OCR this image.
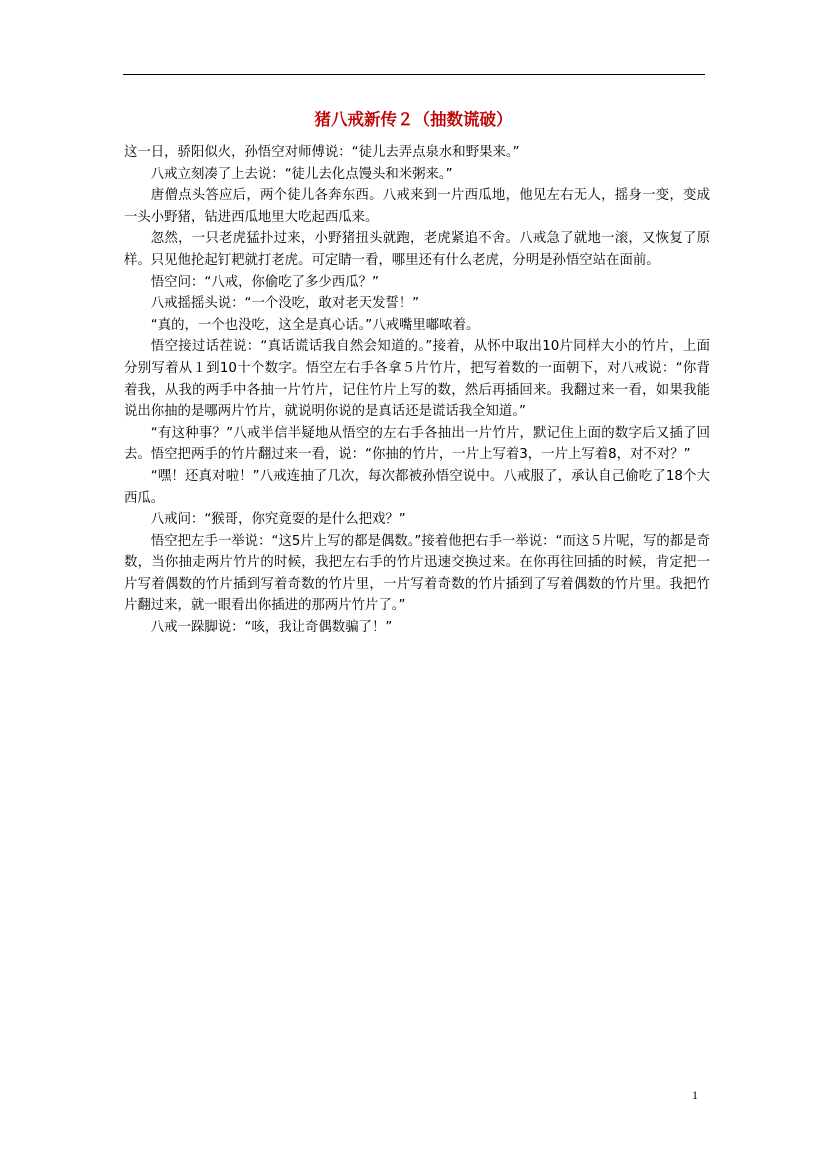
猪八戒新传２（抽数谎破）

这一日，骄阳似火，孙悟空对师傅说：“徒儿去弄点泉水和野果来。”

八戒立刻凑了上去说：“徒儿去化点馒头和米粥来。”

唐僧点头答应后，两个徒儿各奔东西。八戒来到一片西瓜地，他见左右无人，摇身一变，变成一头小野猪，钻进西瓜地里大吃起西瓜来。

忽然，一只老虎猛扑过来，小野猪扭头就跑，老虎紧追不舍。八戒急了就地一滚，又恢复了原样。只见他抡起钉耙就打老虎。可定睛一看，哪里还有什么老虎，分明是孙悟空站在面前。

悟空问：“八戒，你偷吃了多少西瓜？”

八戒摇摇头说：“一个没吃，敢对老天发誓！”

“真的，一个也没吃，这全是真心话。”八戒嘴里嘟哝着。

悟空接过话茬说：“真话谎话我自然会知道的。”接着，从怀中取出10片同样大小的竹片，上面分别写着从１到10十个数字。悟空左右手各拿５片竹片，把写着数的一面朝下，对八戒说：“你背着我，从我的两手中各抽一片竹片，记住竹片上写的数，然后再插回来。我翻过来一看，如果我能说出你抽的是哪两片竹片，就说明你说的是真话还是谎话我全知道。”

“有这种事？”八戒半信半疑地从悟空的左右手各抽出一片竹片，默记住上面的数字后又插了回去。悟空把两手的竹片翻过来一看，说：“你抽的竹片，一片上写着3，一片上写着8，对不对？”

“嘿！还真对啦！”八戒连抽了几次，每次都被孙悟空说中。八戒服了，承认自己偷吃了18个大西瓜。

八戒问：“猴哥，你究竟耍的是什么把戏？”

悟空把左手一举说：“这5片上写的都是偶数。”接着他把右手一举说：“而这５片呢，写的都是奇数，当你抽走两片竹片的时候，我把左右手的竹片迅速交换过来。在你再往回插的时候，肯定把一片写着偶数的竹片插到写着奇数的竹片里，一片写着奇数的竹片插到了写着偶数的竹片里。我把竹片翻过来，就一眼看出你插进的那两片竹片了。”

八戒一跺脚说：“咳，我让奇偶数骗了！”

1
